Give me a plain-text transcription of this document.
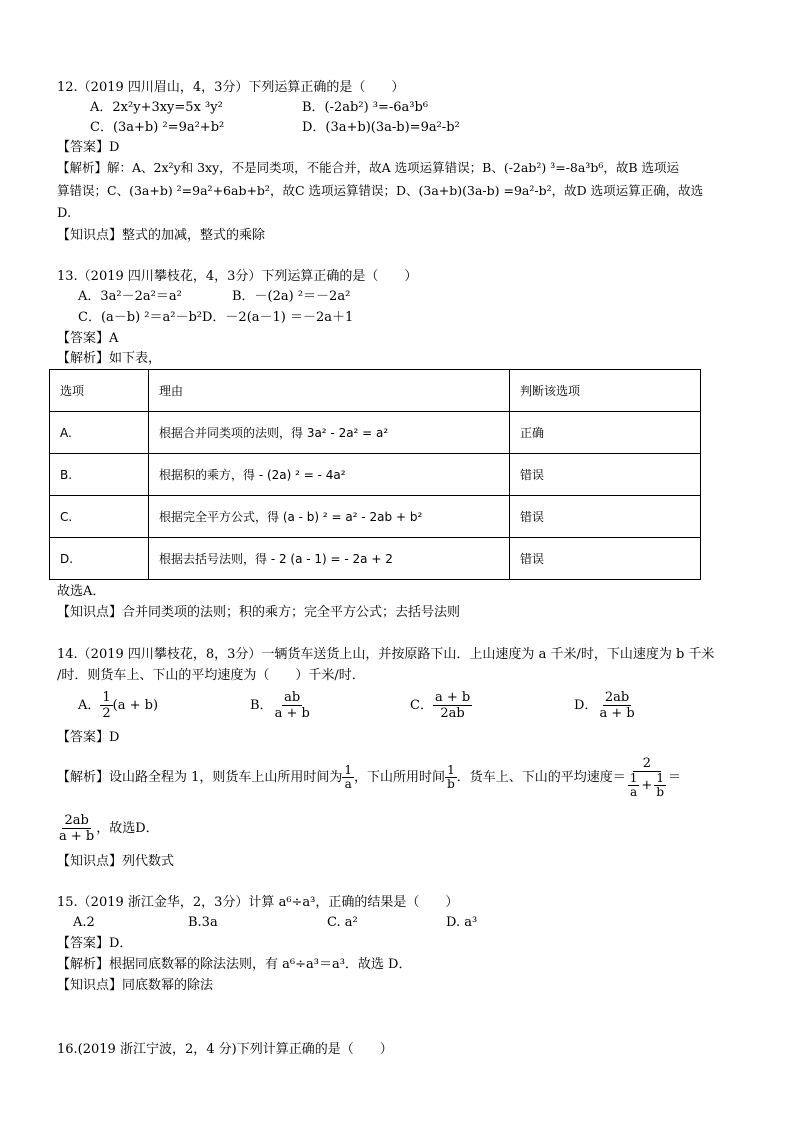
12.（2019 四川眉山，4，3分）下列运算正确的是（　　）
A．2x²y+3xy=5x ³y²	B．(-2ab²) ³=-6a³b⁶
C．(3a+b) ²=9a²+b²	D．(3a+b)(3a-b)=9a²-b²
【答案】D
【解析】解：A、2x²y和 3xy，不是同类项，不能合并，故A 选项运算错误；B、(-2ab²) ³=-8a³b⁶，故B 选项运
算错误；C、(3a+b) ²=9a²+6ab+b²，故C 选项运算错误；D、(3a+b)(3a-b) =9a²-b²，故D 选项运算正确，故选
D.
【知识点】整式的加减，整式的乘除
13.（2019 四川攀枝花，4，3分）下列运算正确的是（　　）
A．3a²－2a²＝a²	B．－(2a) ²＝－2a²
C．(a－b) ²＝a²－b²D．－2(a－1) ＝－2a＋1
【答案】A
【解析】如下表，
选项	理由	判断该选项
A.	根据合并同类项的法则，得 3a² - 2a² = a²	正确
B.	根据积的乘方，得 - (2a) ² = - 4a²	错误
C.	根据完全平方公式，得 (a - b) ² = a² - 2ab + b²	错误
D.	根据去括号法则，得 - 2 (a - 1) = - 2a + 2	错误
故选A．
【知识点】合并同类项的法则；积的乘方；完全平方公式；去括号法则
14.（2019 四川攀枝花，8，3分）一辆货车送货上山，并按原路下山．上山速度为 a 千米/时，下山速度为 b 千米
/时．则货车上、下山的平均速度为（　　）千米/时．
A． $\frac{1}{2} (a + b)$	B． $\frac{ab}{a + b}$	C． $\frac{a + b}{2ab}$	D． $\frac{2ab}{a + b}$
【答案】D
【解析】设山路全程为 1，则货车上山所用时间为 $\frac{1}{a}$ ，下山所用时间 $\frac{1}{b}$ ．货车上、下山的平均速度＝ $\frac{2}{\frac{1}{a} + \frac{1}{b}}$ ＝
$\frac{2ab}{a + b}$ ，故选D．
【知识点】列代数式
15.（2019 浙江金华，2，3分）计算 a⁶÷a³，正确的结果是（　　）
A.2	B.3a	C. a²	D. a³
【答案】D．
【解析】根据同底数幂的除法法则，有 a⁶÷a³＝a³．故选 D．
【知识点】同底数幂的除法
16.(2019 浙江宁波，2，4 分)下列计算正确的是（　　）
